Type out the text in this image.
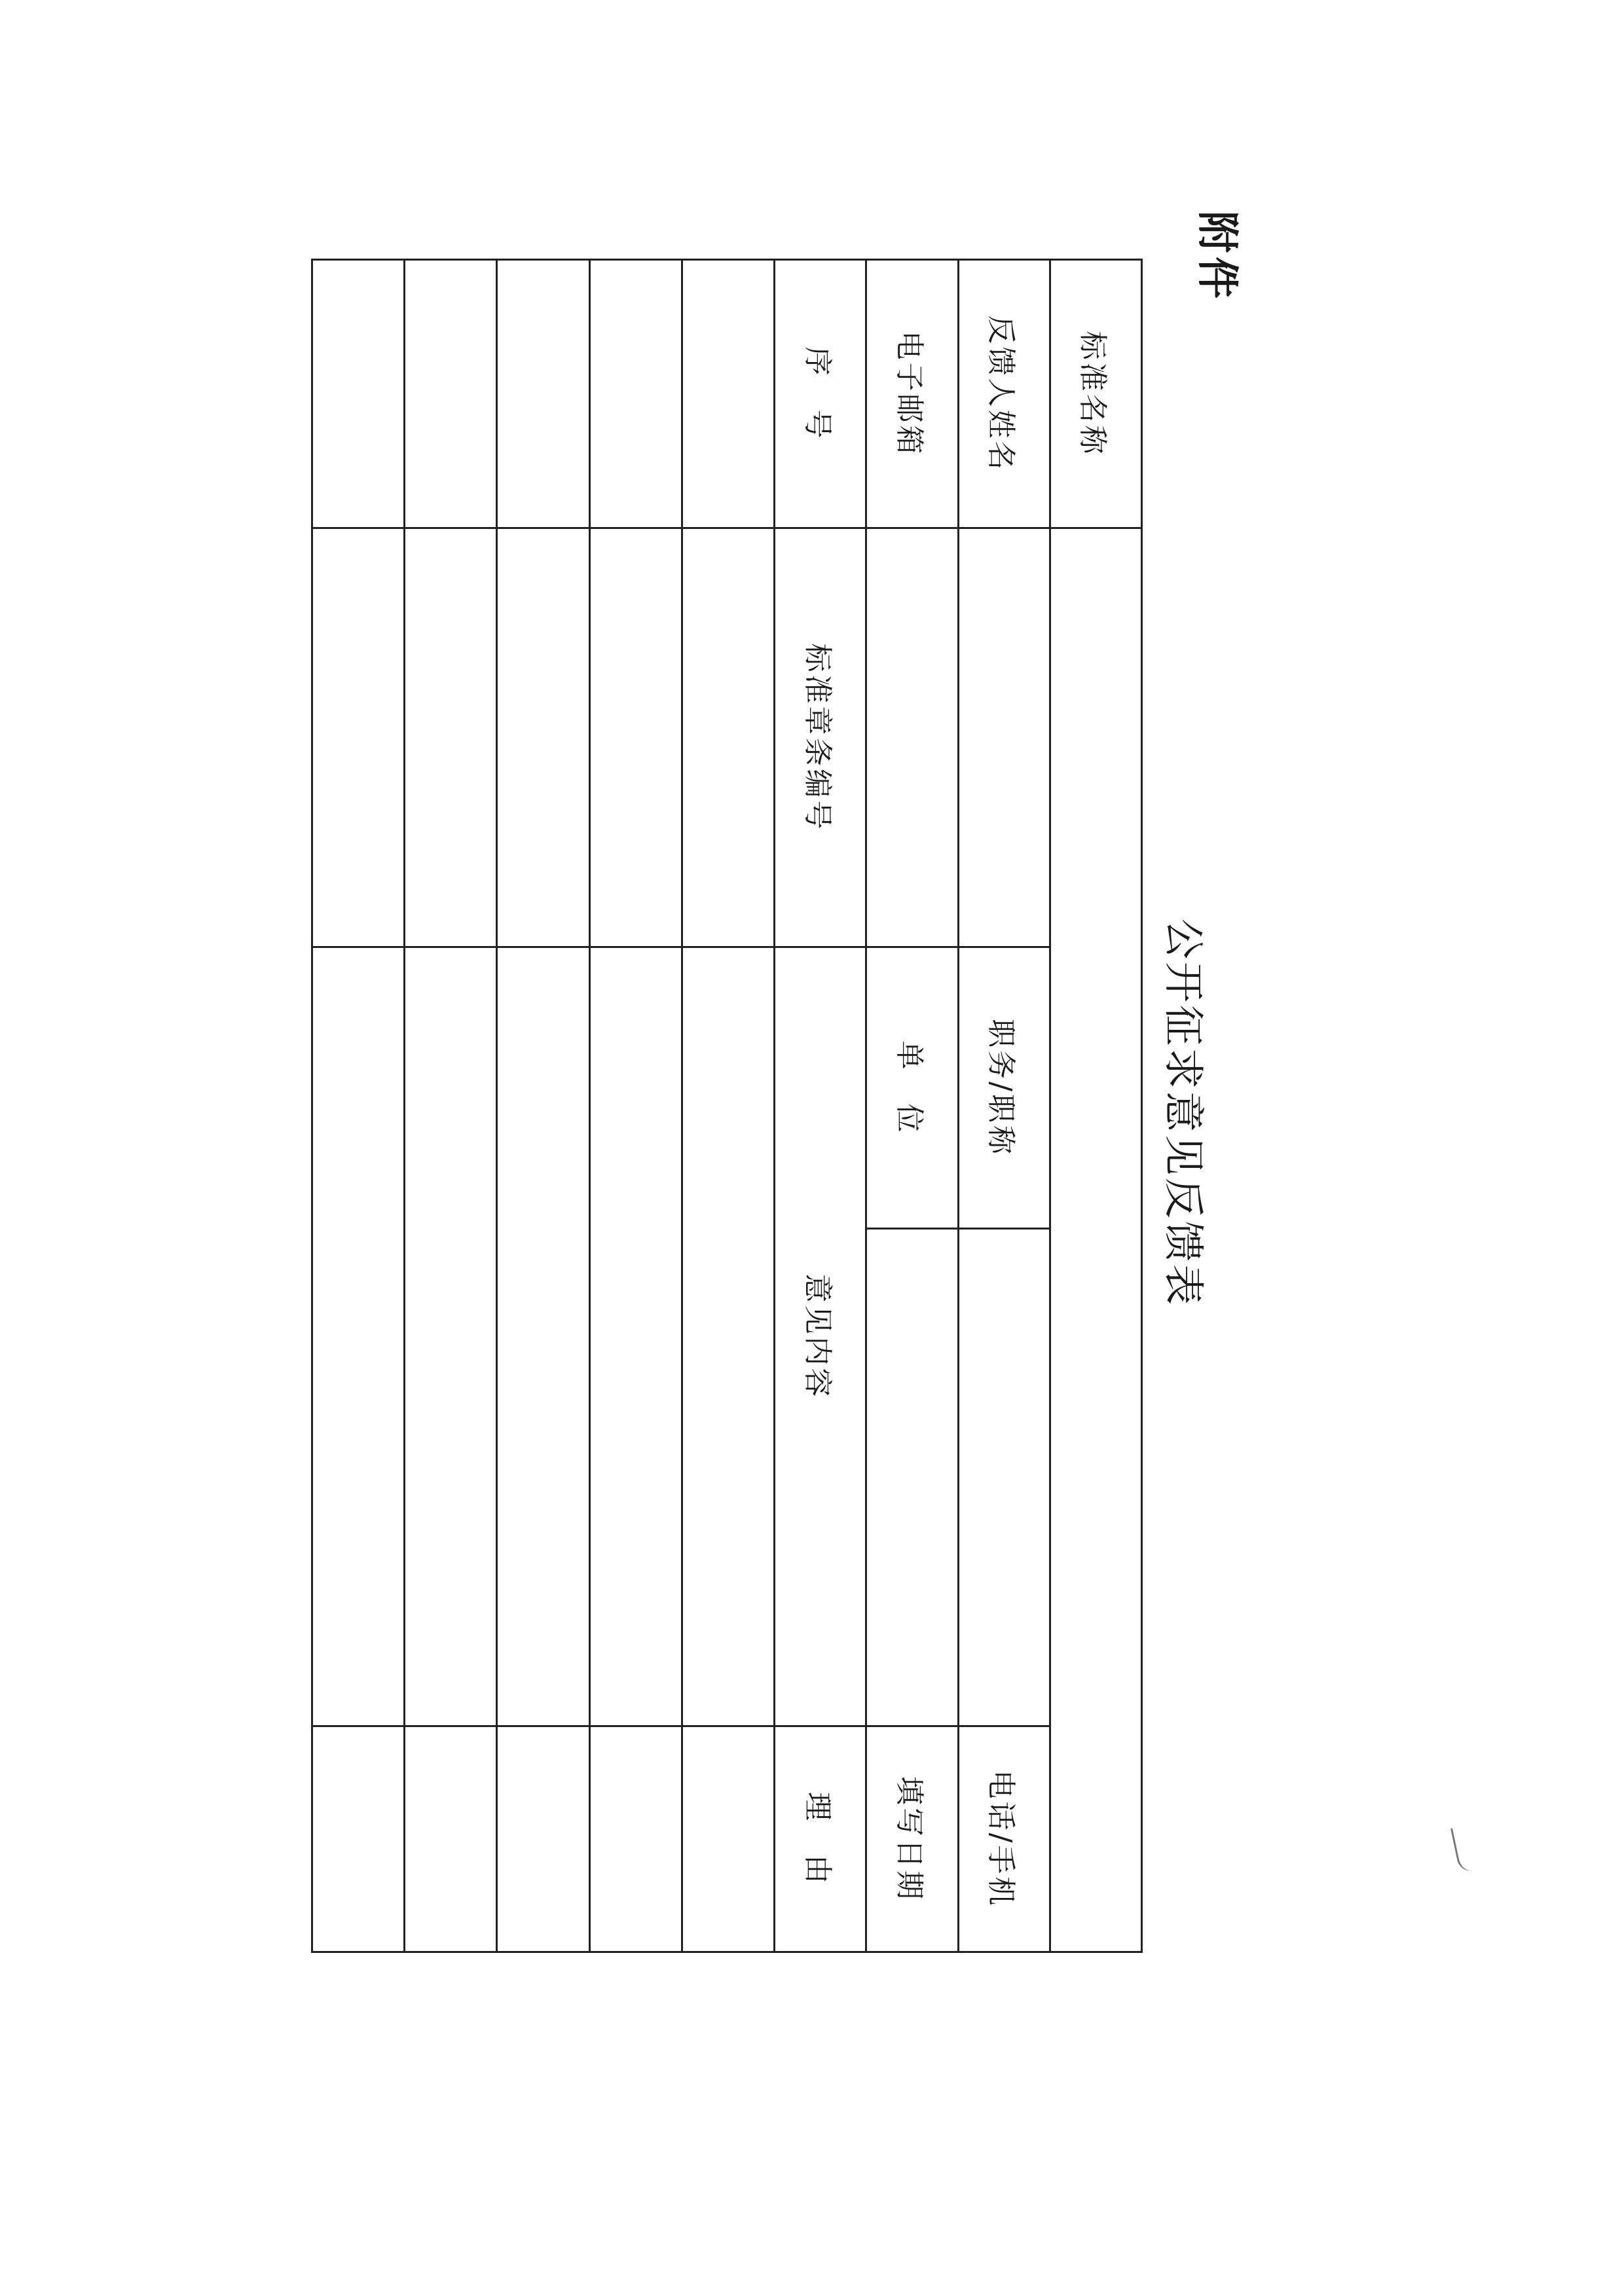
附件
公开征求意见反馈表
标准名称				
反馈人姓名		职务/职称		电话/手机
电子邮箱		单　位		填写日期
序　号	标准章条编号	意见内容		理　由
